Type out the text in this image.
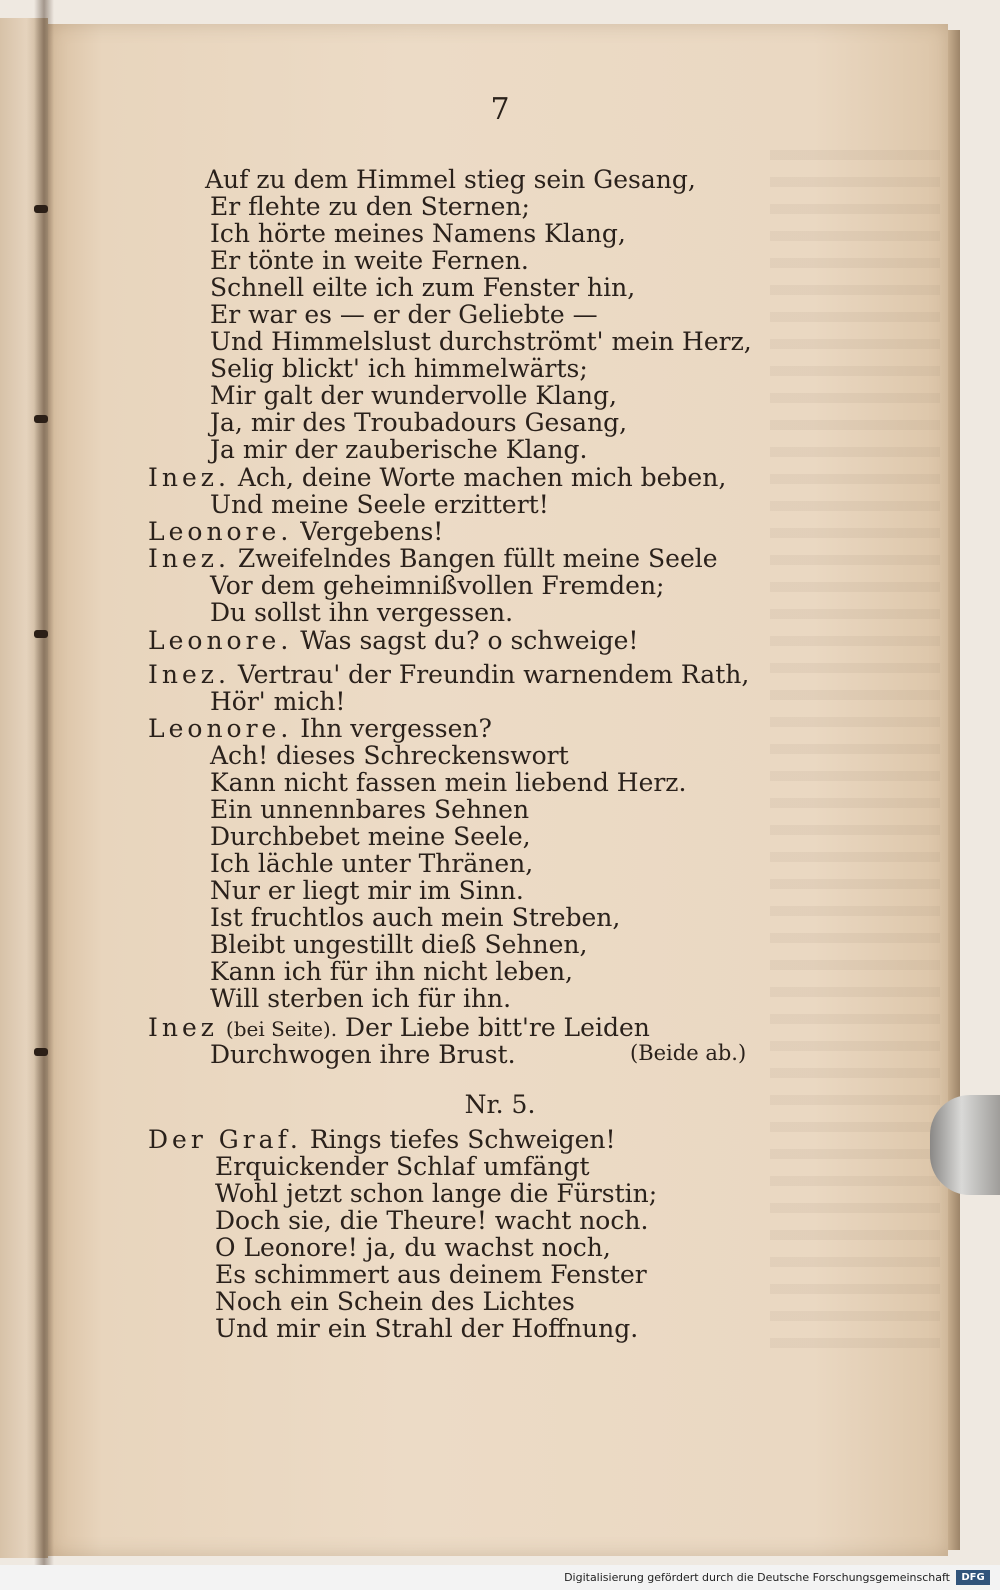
7
Auf zu dem Himmel stieg sein Gesang,
Er flehte zu den Sternen;
Ich hörte meines Namens Klang,
Er tönte in weite Fernen.
Schnell eilte ich zum Fenster hin,
Er war es — er der Geliebte —
Und Himmelslust durchströmt' mein Herz,
Selig blickt' ich himmelwärts;
Mir galt der wundervolle Klang,
Ja, mir des Troubadours Gesang,
Ja mir der zauberische Klang.
Inez. Ach, deine Worte machen mich beben,
Und meine Seele erzittert!
Leonore. Vergebens!
Inez. Zweifelndes Bangen füllt meine Seele
Vor dem geheimnißvollen Fremden;
Du sollst ihn vergessen.
Leonore. Was sagst du? o schweige!
Inez. Vertrau' der Freundin warnendem Rath,
Hör' mich!
Leonore. Ihn vergessen?
Ach! dieses Schreckenswort
Kann nicht fassen mein liebend Herz.
Ein unnennbares Sehnen
Durchbebet meine Seele,
Ich lächle unter Thränen,
Nur er liegt mir im Sinn.
Ist fruchtlos auch mein Streben,
Bleibt ungestillt dieß Sehnen,
Kann ich für ihn nicht leben,
Will sterben ich für ihn.
Inez (bei Seite). Der Liebe bitt're Leiden
Durchwogen ihre Brust.	(Beide ab.)
Nr. 5.
Der Graf. Rings tiefes Schweigen!
Erquickender Schlaf umfängt
Wohl jetzt schon lange die Fürstin;
Doch sie, die Theure! wacht noch.
O Leonore! ja, du wachst noch,
Es schimmert aus deinem Fenster
Noch ein Schein des Lichtes
Und mir ein Strahl der Hoffnung.
Digitalisierung gefördert durch die Deutsche Forschungsgemeinschaft	DFG
